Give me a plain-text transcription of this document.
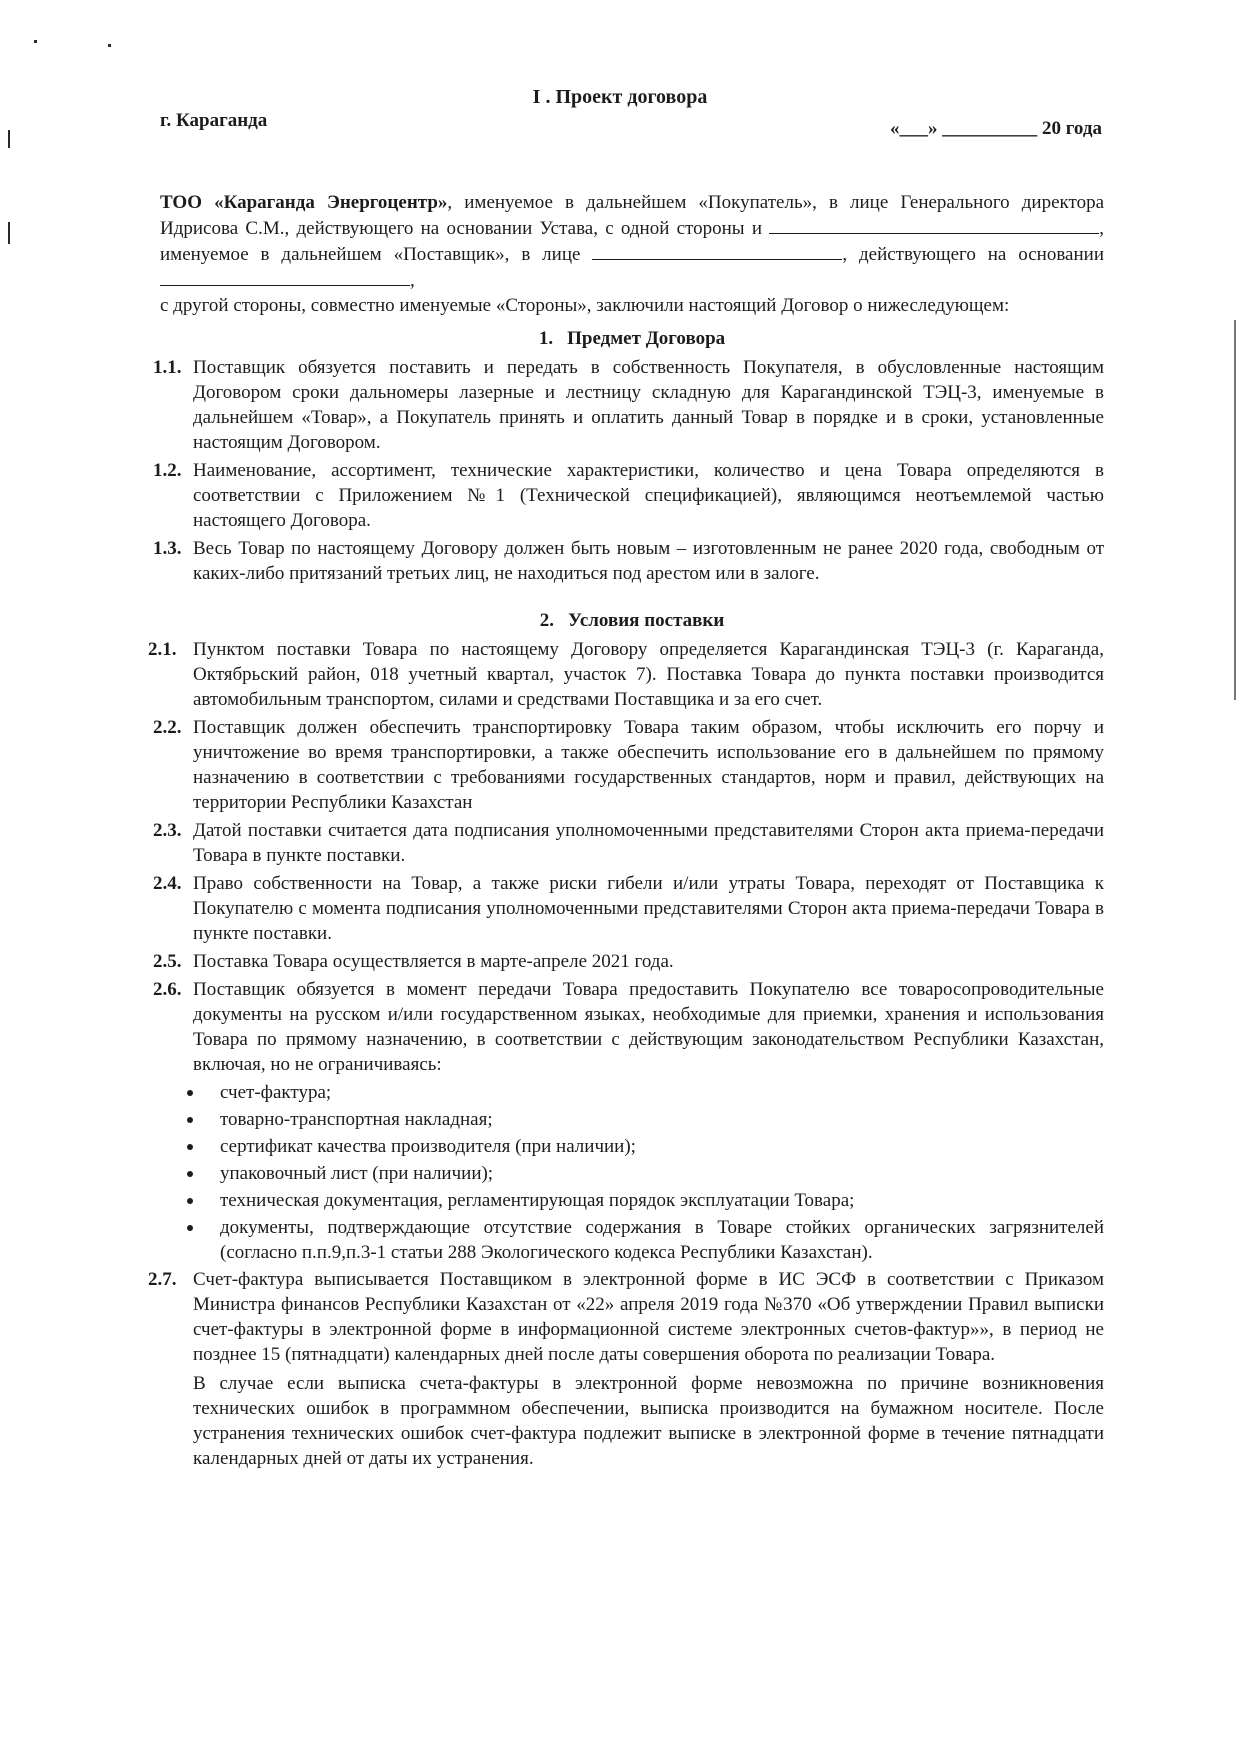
I . Проект договора
г. Караганда	«___» __________ 20 года

ТОО «Караганда Энергоцентр», именуемое в дальнейшем «Покупатель», в лице Генерального директора Идрисова С.М., действующего на основании Устава, с одной стороны и	, именуемое в дальнейшем «Поставщик», в лице	, действующего на основании ,

с другой стороны, совместно именуемые «Стороны», заключили настоящий Договор о нижеследующем:

1. Предмет Договора
1.1. Поставщик обязуется поставить и передать в собственность Покупателя, в обусловленные настоящим Договором сроки дальномеры лазерные и лестницу складную для Карагандинской ТЭЦ-3, именуемые в дальнейшем «Товар», а Покупатель принять и оплатить данный Товар в порядке и в сроки, установленные настоящим Договором.
1.2. Наименование, ассортимент, технические характеристики, количество и цена Товара определяются в соответствии с Приложением №1 (Технической спецификацией), являющимся неотъемлемой частью настоящего Договора.
1.3. Весь Товар по настоящему Договору должен быть новым – изготовленным не ранее 2020 года, свободным от каких-либо притязаний третьих лиц, не находиться под арестом или в залоге.
2. Условия поставки
2.1. Пунктом поставки Товара по настоящему Договору определяется Карагандинская ТЭЦ-3 (г. Караганда, Октябрьский район, 018 учетный квартал, участок 7). Поставка Товара до пункта поставки производится автомобильным транспортом, силами и средствами Поставщика и за его счет.
2.2. Поставщик должен обеспечить транспортировку Товара таким образом, чтобы исключить его порчу и уничтожение во время транспортировки, а также обеспечить использование его в дальнейшем по прямому назначению в соответствии с требованиями государственных стандартов, норм и правил, действующих на территории Республики Казахстан
2.3. Датой поставки считается дата подписания уполномоченными представителями Сторон акта приема-передачи Товара в пункте поставки.
2.4. Право собственности на Товар, а также риски гибели и/или утраты Товара, переходят от Поставщика к Покупателю с момента подписания уполномоченными представителями Сторон акта приема-передачи Товара в пункте поставки.
2.5. Поставка Товара осуществляется в марте-апреле 2021 года.
2.6. Поставщик обязуется в момент передачи Товара предоставить Покупателю все товаросопроводительные документы на русском и/или государственном языках, необходимые для приемки, хранения и использования Товара по прямому назначению, в соответствии с действующим законодательством Республики Казахстан, включая, но не ограничиваясь:
счет-фактура;
товарно-транспортная накладная;
сертификат качества производителя (при наличии);
упаковочный лист (при наличии);
техническая документация, регламентирующая порядок эксплуатации Товара;
документы, подтверждающие отсутствие содержания в Товаре стойких органических загрязнителей (согласно п.п.9,п.3-1 статьи 288 Экологического кодекса Республики Казахстан).
2.7. Счет-фактура выписывается Поставщиком в электронной форме в ИС ЭСФ в соответствии с Приказом Министра финансов Республики Казахстан от «22» апреля 2019 года №370 «Об утверждении Правил выписки счет-фактуры в электронной форме в информационной системе электронных счетов-фактур»», в период не позднее 15 (пятнадцати) календарных дней после даты совершения оборота по реализации Товара.

В случае если выписка счета-фактуры в электронной форме невозможна по причине возникновения технических ошибок в программном обеспечении, выписка производится на бумажном носителе. После устранения технических ошибок счет-фактура подлежит выписке в электронной форме в течение пятнадцати календарных дней от даты их устранения.
